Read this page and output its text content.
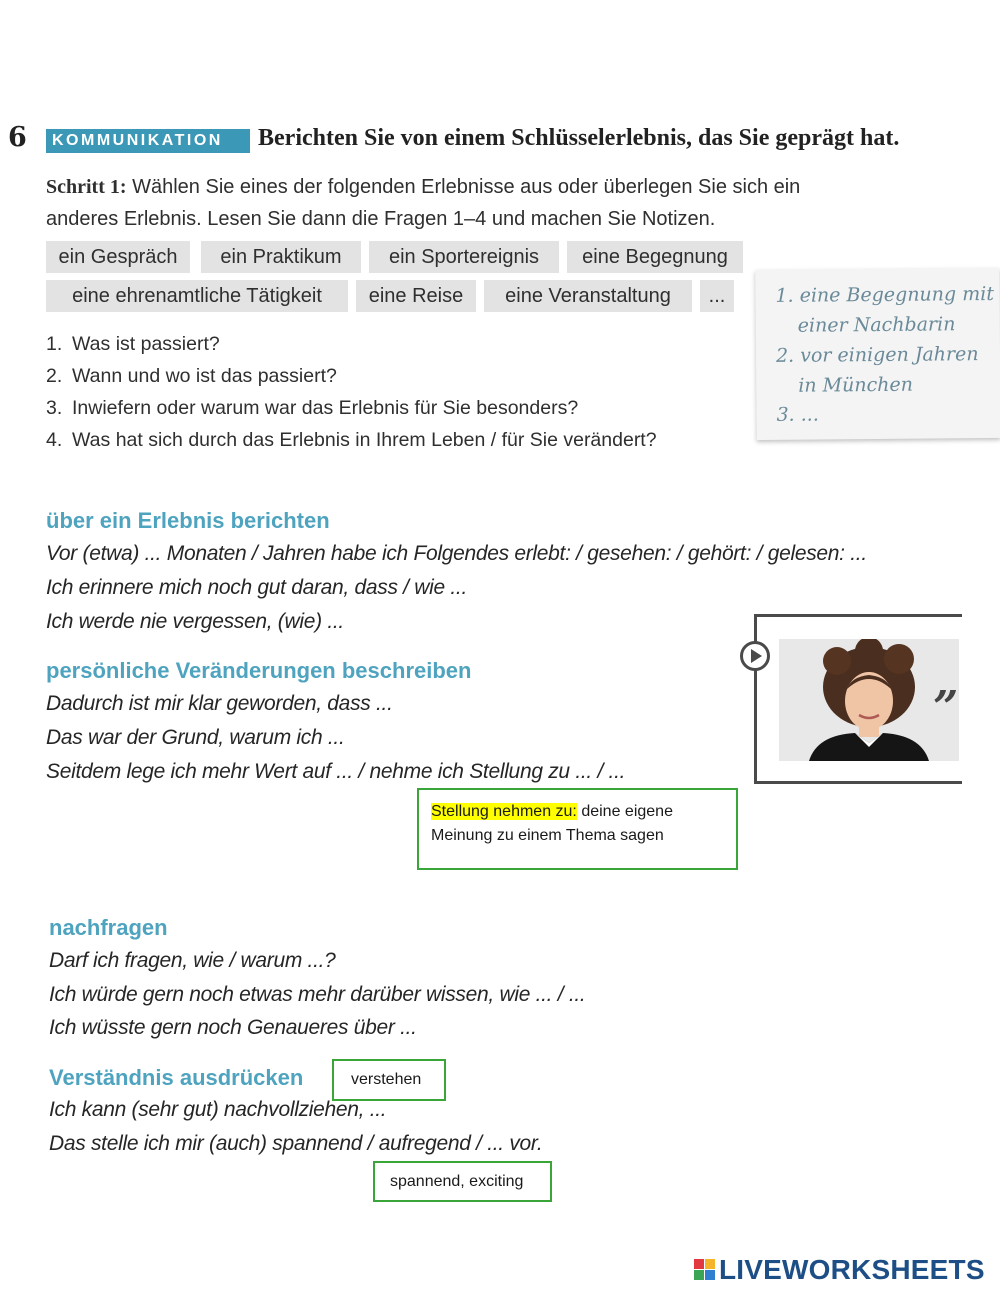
6	KOMMUNIKATION	Berichten Sie von einem Schlüsselerlebnis, das Sie geprägt hat.
Schritt 1: Wählen Sie eines der folgenden Erlebnisse aus oder überlegen Sie sich ein
anderes Erlebnis. Lesen Sie dann die Fragen 1–4 und machen Sie Notizen.
ein Gespräch	ein Praktikum	ein Sportereignis	eine Begegnung
eine ehrenamtliche Tätigkeit	eine Reise	eine Veranstaltung	...
1. Was ist passiert?
2. Wann und wo ist das passiert?
3. Inwiefern oder warum war das Erlebnis für Sie besonders?
4. Was hat sich durch das Erlebnis in Ihrem Leben / für Sie verändert?
1. eine Begegnung mit
einer Nachbarin
2. vor einigen Jahren
in München
3. ...
über ein Erlebnis berichten
Vor (etwa) ... Monaten / Jahren habe ich Folgendes erlebt: / gesehen: / gehört: / gelesen: ...
Ich erinnere mich noch gut daran, dass / wie ...
Ich werde nie vergessen, (wie) ...
persönliche Veränderungen beschreiben
Dadurch ist mir klar geworden, dass ...
Das war der Grund, warum ich ...
Seitdem lege ich mehr Wert auf ... / nehme ich Stellung zu ... / ...
”
Stellung nehmen zu: deine eigene
Meinung zu einem Thema sagen
nachfragen
Darf ich fragen, wie / warum ...?
Ich würde gern noch etwas mehr darüber wissen, wie ... / ...
Ich wüsste gern noch Genaueres über ...
Verständnis ausdrücken	verstehen
Ich kann (sehr gut) nachvollziehen, ...
Das stelle ich mir (auch) spannend / aufregend / ... vor.
spannend, exciting
LIVEWORKSHEETS
